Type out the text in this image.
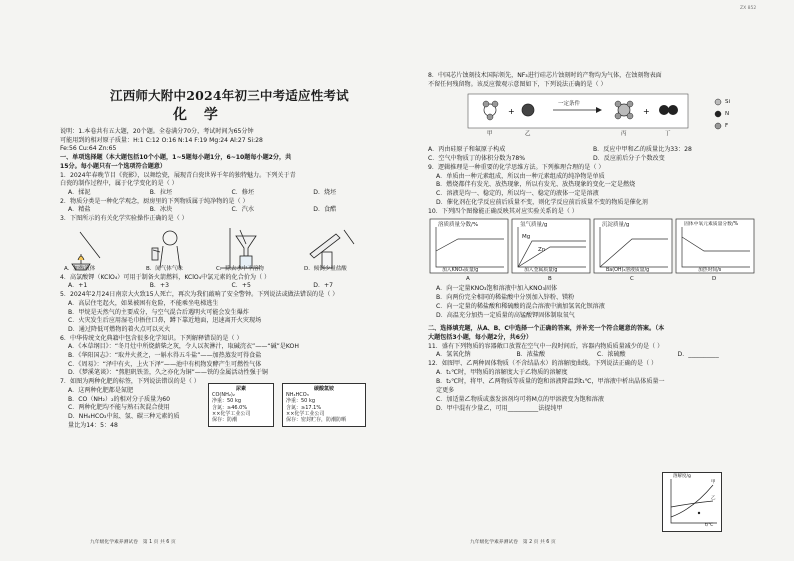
ZX 852
江西师大附中2024年初三中考适应性考试
化 学
说明：1.本卷共有五大题，20个题。全卷满分70分，考试时间为65分钟
可能用到的相对原子质量：H:1 C:12 O:16 N:14 F:19 Mg:24 Al:27 Si:28
Fe:56 Cu:64 Zn:65
一、单项选择题（本大题包括10个小题，1~5题每小题1分，6~10题每小题2分，共
15分。每小题只有一个选项符合题意）
1．2024年春晚节目《瓷影》，以舞绘瓷，展现青白瓷世界千年的独特魅力。下列关于青
白瓷的制作过程中，属于化学变化的是（ ）
A．揉泥	B．拉坯	C．修坯	D．烧坯
2．物质分类是一种化学观念，厨房里的下列物质属于纯净物的是（ ）
A．精盐	B．冰块	C．汽水	D．食醋
3．下图所示的有关化学实验操作正确的是（ ）
A．加热液体	B．闻气体气味	C．除去水中不溶物	D．倾倒少量盐酸
4．高氯酸钾（KClO₄）可用于制备火箭燃料，KClO₄中氯元素的化合价为（ ）
A．+1	B．+3	C．+5	D．+7
5．2024年2月24日南京大火致15人死亡，再次为我们敲响了安全警钟。下列说法或做法错误的是（ ）
A．高层住宅起火，如果被困有危险，不能乘坐电梯逃生
B．甲烷是天然气的主要成分，与空气混合后遇明火可能会发生爆炸
C．火灾发生后应用湿毛巾捂住口鼻，蹲下靠近地面，迅速离开火灾现场
D．通过降低可燃物的着火点可以灭火
6．中华传统文化典籍中包含很多化学知识。下列解释错误的是（ ）
A．《本草纲目》：“冬月灶中所烧薪柴之灰，令人以灰淋汁，取碱浣衣”——“碱”是KOH
B．《华阳国志》：“取井火煮之，一斛水得五斗盐”——加热蒸发可得食盐
C．《周易》：“泽中有火，上火下泽”——池中有机物发酵产生可燃性气体
D．《梦溪笔谈》：“熬胆矾铁釜，久之亦化为铜”——铁的金属活动性强于铜
7．如图为两种化肥的标签，下列说法错误的是（ ）
A．这两种化肥都是氮肥
B．CO（NH₂）₂的相对分子质量为60
C．两种化肥均不能与熟石灰混合使用
D．NH₄HCO₃中氮、氢、碳三种元素的质
量比为14：5：48
尿素
CO(NH₂)₂
净重：50 kg
含氮：≥46.0%
××化学工业公司
保存：防潮
碳酸氢铵
NH₄HCO₃
净重：50 kg
含氮：≥17.1%
××化学工业公司
保存：密封贮存，防潮防晒
8．中国芯片蚀刻技术国际领先，NF₃进行硅芯片蚀刻时的产物均为气体，在蚀刻物表面
不留任何残留物。该反应微观示意图如下，下列说法正确的是（ ）
+	+
一定条件
甲	乙	丙	丁
Si
N
F
A．丙由硅原子和氟原子构成	B．反应中甲和乙的质量比为33：28
C．空气中物质丁的体积分数为78%	D．反应前后分子个数改变
9．逻辑推理是一种重要的化学思维方法。下列推理合理的是（ ）
A．单质由一种元素组成，所以由一种元素组成的纯净物是单质
B．燃烧都伴有发光、放热现象，所以有发光、放热现象的变化一定是燃烧
C．溶液是均一、稳定的，所以均一、稳定的液体一定是溶液
D．催化剂在化学反应前后质量不变，则化学反应前后质量不变的物质是催化剂
10．下列四个图像能正确反映其对应实验关系的是（ ）
溶质质量分数/%
加入KNO₃质量/g
氢气质量/g
Mg
Zn
加入金属质量/g
沉淀质量/g
Ba(OH)₂溶液质量/g
固体中氧元素质量分数/%
加热时间/s
A	B	C	D
A．向一定量KNO₃饱和溶液中加入KNO₃固体
B．向两份完全相同的稀盐酸中分别加入锌粉、镁粉
C．向一定量的稀盐酸和稀硫酸的混合溶液中滴加氢氧化钡溶液
D．高温充分加热一定质量的高锰酸钾固体制取氧气
二、选择填充题，从A、B、C中选择一个正确的答案，并补充一个符合题意的答案。（本
大题包括3小题，每小题2分，共6分）
11．盛有下列物质的容器敞口放置在空气中一段时间后，容器内物质质量减少的是（ ）
A．氢氧化钠	B．浓盐酸	C．浓硫酸	D．__________
12．如图甲、乙两种固体物质（不含结晶水）的溶解度曲线。下列说法正确的是（ ）
A．t₁℃时，甲物质的溶解度大于乙物质的溶解度
B．t₂℃时，将甲、乙两物质等质量的饱和溶液降温到t₁℃，甲溶液中析出晶体质量一定更多
C．加适量乙物质或蒸发溶剂均可将M点的甲溶液变为饱和溶液
D．甲中混有少量乙，可用__________法提纯甲
溶解度/g
甲
乙
t/℃
九年级化学素养测试卷　第 1 页 共 6 页	九年级化学素养测试卷　第 2 页 共 6 页
